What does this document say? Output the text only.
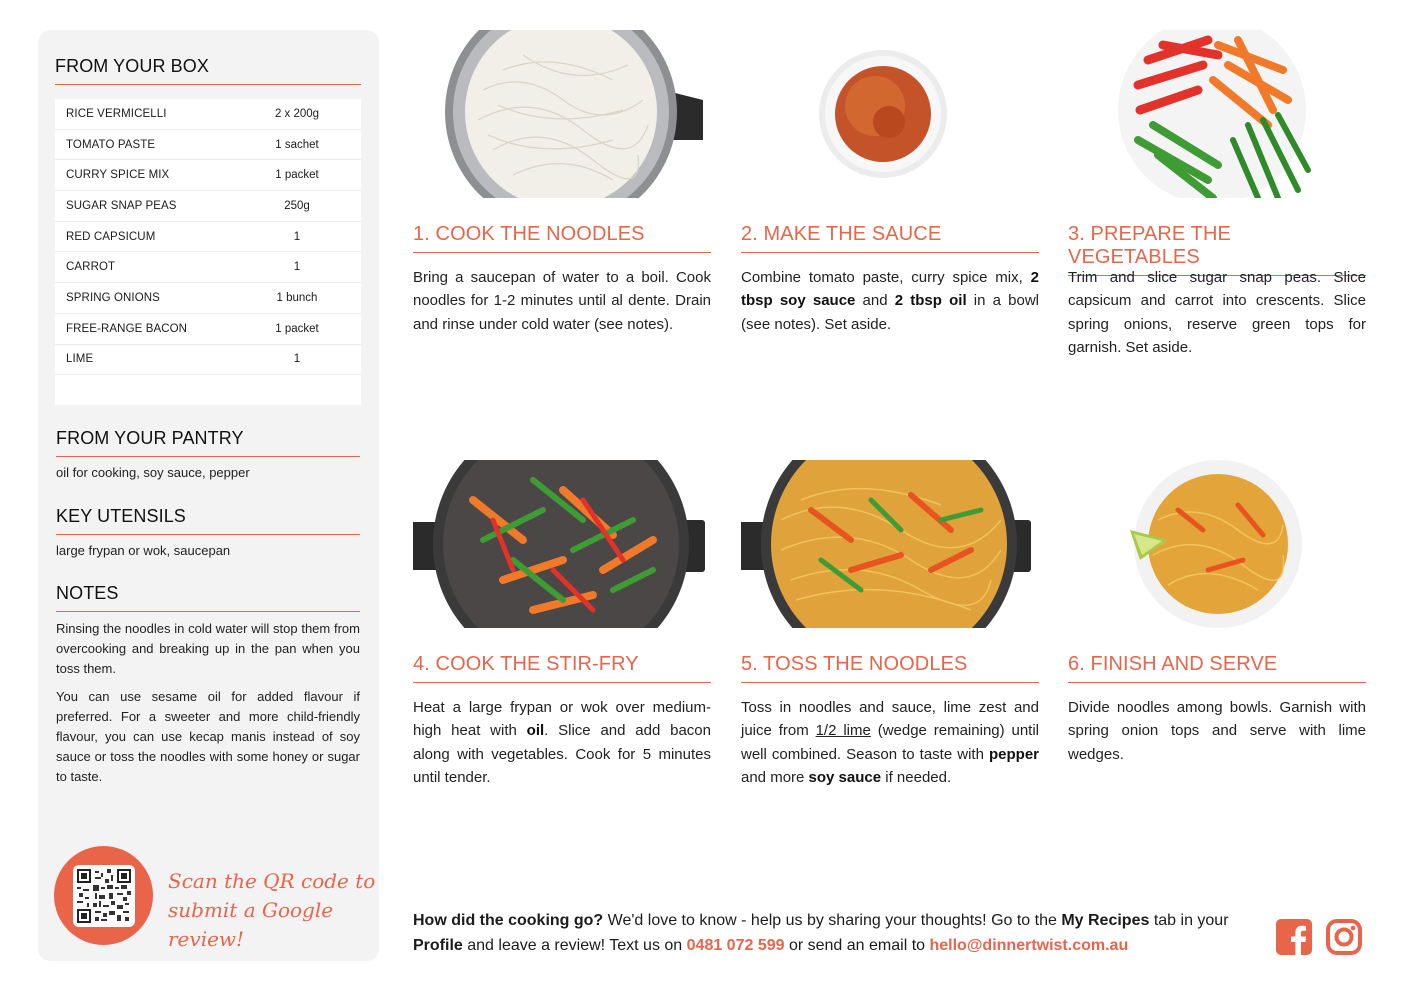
FROM YOUR BOX
RICE VERMICELLI	2 x 200g
TOMATO PASTE	1 sachet
CURRY SPICE MIX	1 packet
SUGAR SNAP PEAS	250g
RED CAPSICUM	1
CARROT	1
SPRING ONIONS	1 bunch
FREE-RANGE BACON	1 packet
LIME	1
FROM YOUR PANTRY
oil for cooking, soy sauce, pepper
KEY UTENSILS
large frypan or wok, saucepan
NOTES

Rinsing the noodles in cold water will stop them from overcooking and breaking up in the pan when you toss them.

You can use sesame oil for added flavour if preferred. For a sweeter and more child-friendly flavour, you can use kecap manis instead of soy sauce or toss the noodles with some honey or sugar to taste.

Scan the QR code to
submit a Google review!
1. COOK THE NOODLES
Bring a saucepan of water to a boil. Cook noodles for 1-2 minutes until al dente. Drain and rinse under cold water (see notes).
2. MAKE THE SAUCE
Combine tomato paste, curry spice mix, 2 tbsp soy sauce and 2 tbsp oil in a bowl (see notes). Set aside.
3. PREPARE THE VEGETABLES
Trim and slice sugar snap peas. Slice capsicum and carrot into crescents. Slice spring onions, reserve green tops for garnish. Set aside.
4. COOK THE STIR-FRY
Heat a large frypan or wok over medium-high heat with oil. Slice and add bacon along with vegetables. Cook for 5 minutes until tender.
5. TOSS THE NOODLES
Toss in noodles and sauce, lime zest and juice from 1/2 lime (wedge remaining) until well combined. Season to taste with pepper and more soy sauce if needed.
6. FINISH AND SERVE
Divide noodles among bowls. Garnish with spring onion tops and serve with lime wedges.
How did the cooking go? We'd love to know - help us by sharing your thoughts! Go to the My Recipes tab in your Profile and leave a review! Text us on 0481 072 599 or send an email to hello@dinnertwist.com.au
